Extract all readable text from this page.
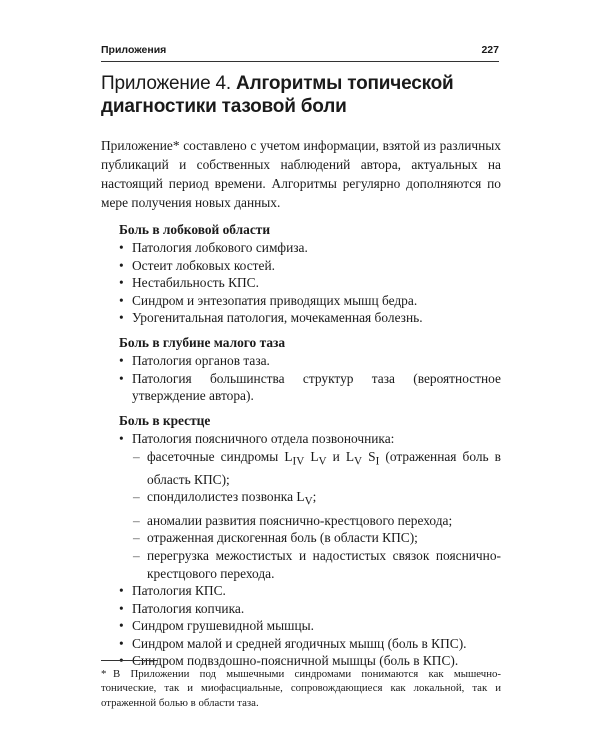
Приложения	227
Приложение 4. Алгоритмы топической диагностики тазовой боли

Приложение* составлено с учетом информации, взятой из различных публикаций и собственных наблюдений автора, актуальных на настоящий период времени. Алгоритмы регулярно дополняются по мере получения новых данных.

Боль в лобковой области

• Патология лобкового симфиза.
• Остеит лобковых костей.
• Нестабильность КПС.
• Синдром и энтезопатия приводящих мышц бедра.
• Урогенитальная патология, мочекаменная болезнь.

Боль в глубине малого таза

• Патология органов таза.
• Патология большинства структур таза (вероятностное утверждение автора).

Боль в крестце

• Патология поясничного отдела позвоночника:
– фасеточные синдромы $L_{IV}$ $L_V$ и $L_V$ $S_I$ (отраженная боль в область КПС);
– спондилолистез позвонка $L_V$;
– аномалии развития пояснично-крестцового перехода;
– отраженная дискогенная боль (в области КПС);
– перегрузка межостистых и надостистых связок пояснично-крестцового перехода.
• Патология КПС.
• Патология копчика.
• Синдром грушевидной мышцы.
• Синдром малой и средней ягодичных мышц (боль в КПС).
• Синдром подвздошно-поясничной мышцы (боль в КПС).

* В Приложении под мышечными синдромами понимаются как мышечно-тонические, так и миофасциальные, сопровождающиеся как локальной, так и отраженной болью в области таза.
